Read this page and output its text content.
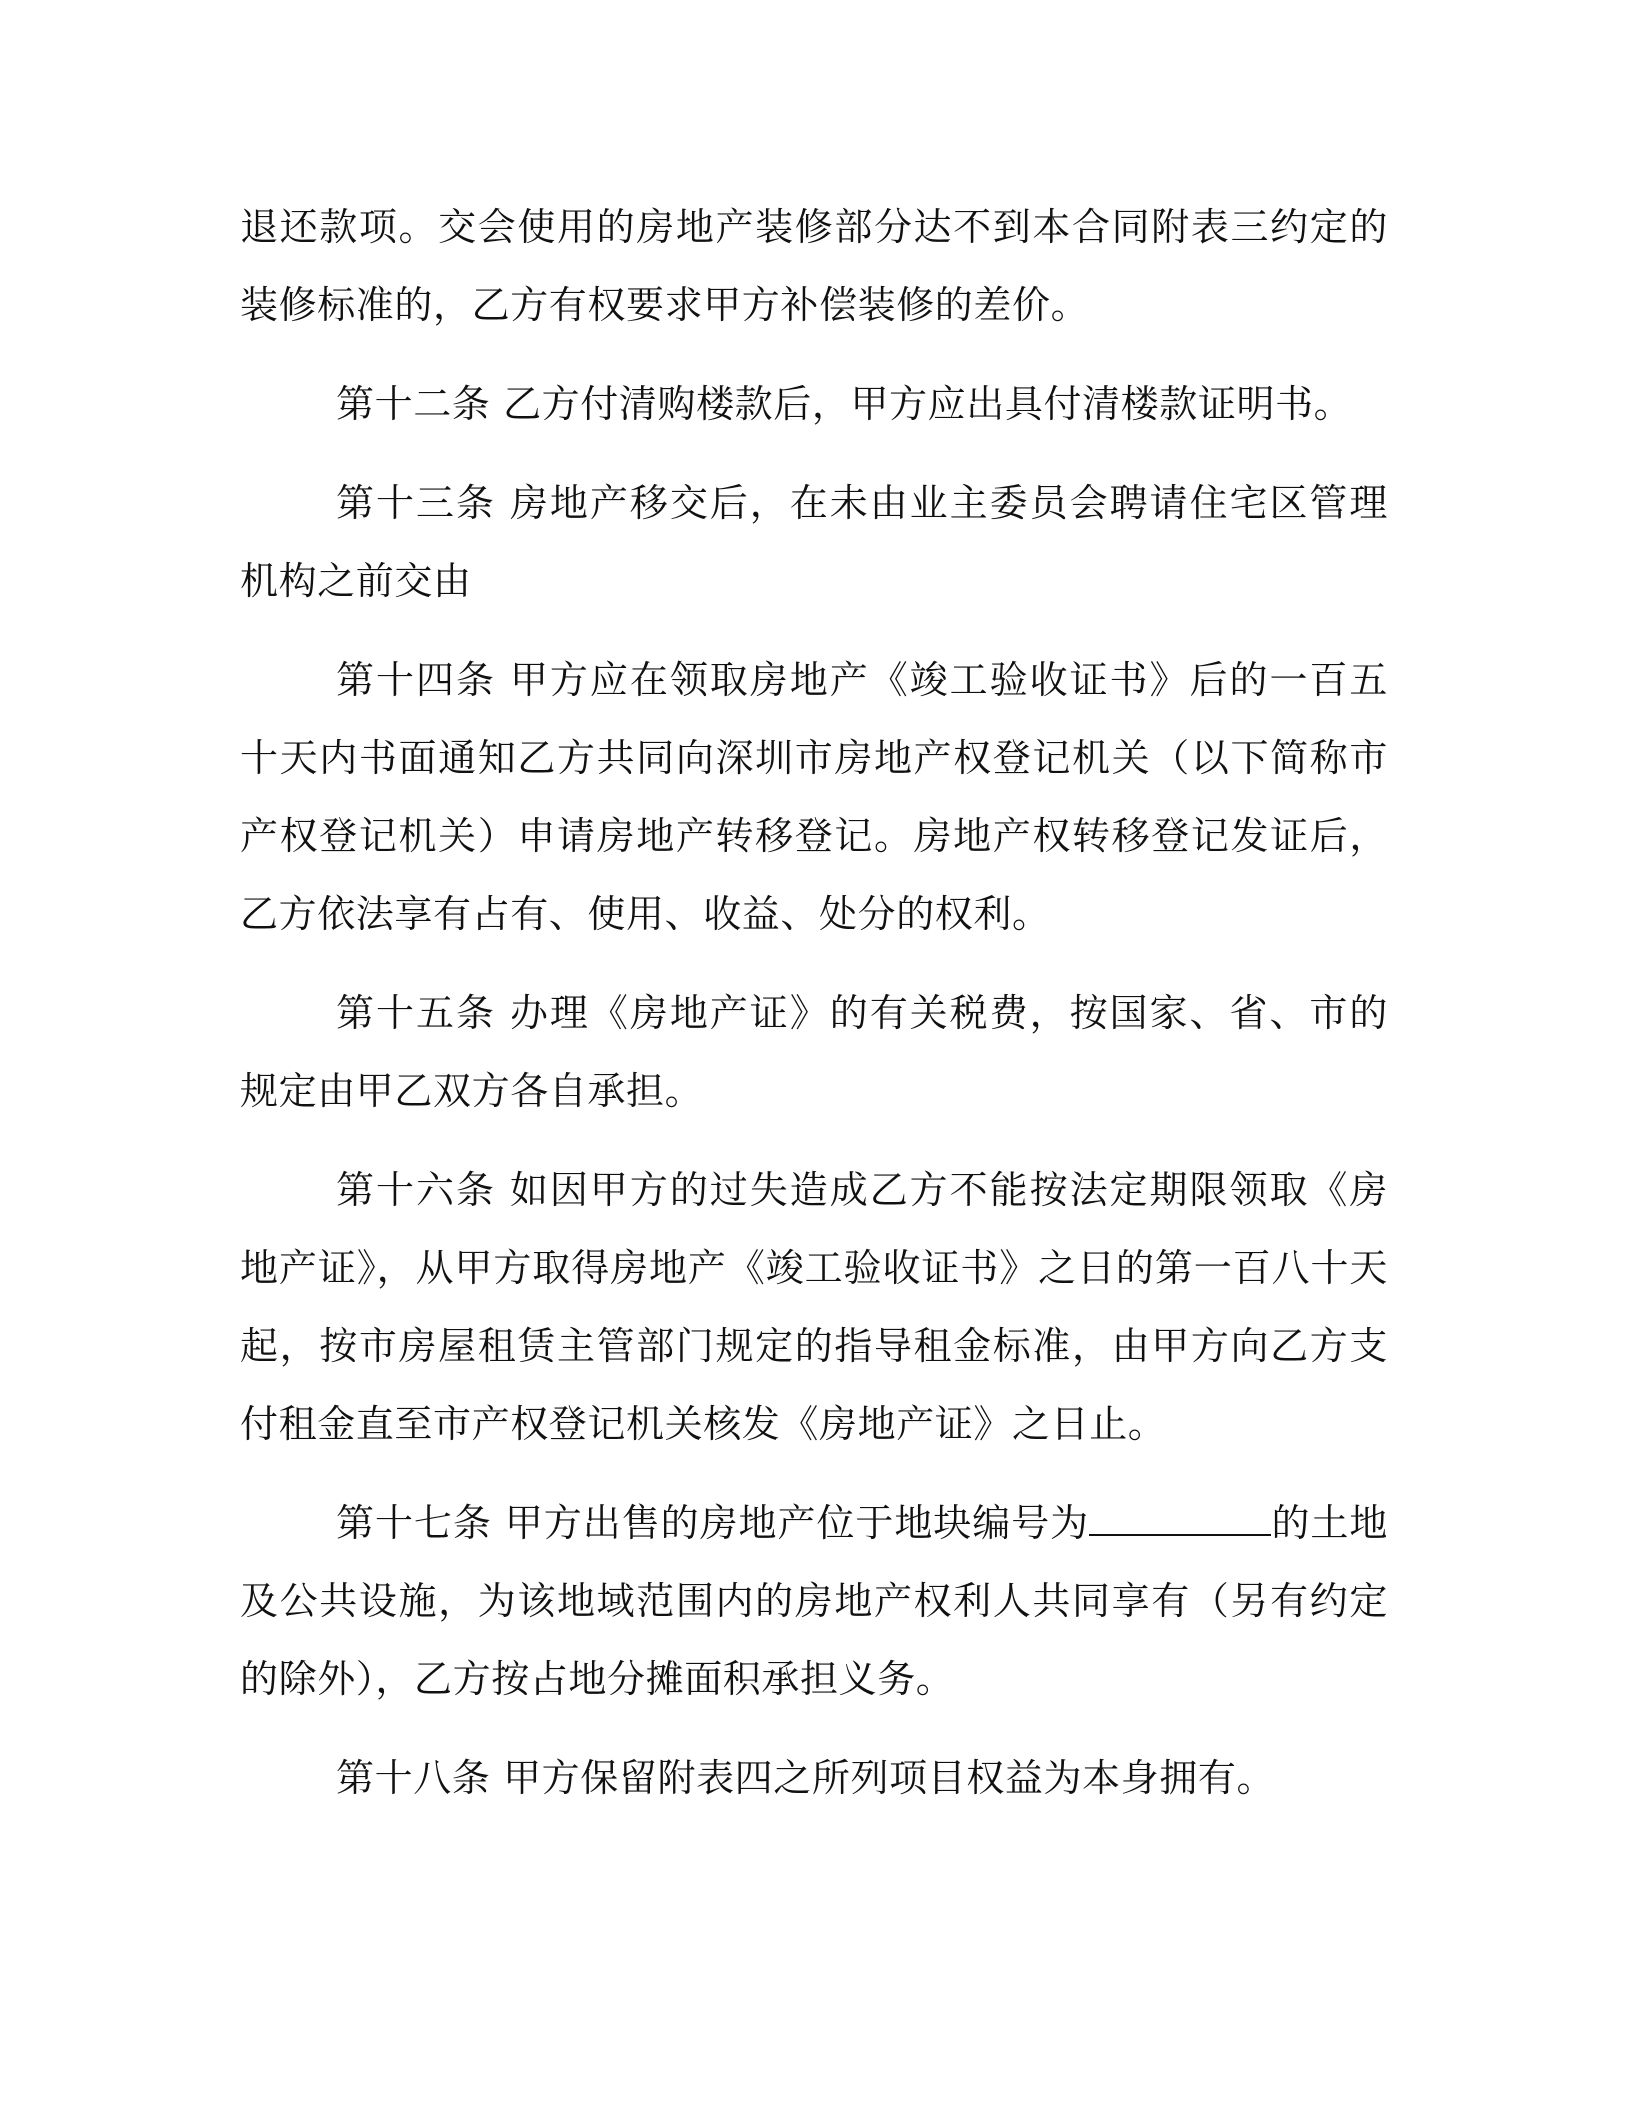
退还款项。交会使用的房地产装修部分达不到本合同附表三约定的装修标准的，乙方有权要求甲方补偿装修的差价。

第十二条 乙方付清购楼款后，甲方应出具付清楼款证明书。

第十三条 房地产移交后，在未由业主委员会聘请住宅区管理机构之前交由

第十四条 甲方应在领取房地产《竣工验收证书》后的一百五十天内书面通知乙方共同向深圳市房地产权登记机关（以下简称市产权登记机关）申请房地产转移登记。房地产权转移登记发证后，乙方依法享有占有、使用、收益、处分的权利。

第十五条 办理《房地产证》的有关税费，按国家、省、市的规定由甲乙双方各自承担。

第十六条 如因甲方的过失造成乙方不能按法定期限领取《房地产证》，从甲方取得房地产《竣工验收证书》之日的第一百八十天起，按市房屋租赁主管部门规定的指导租金标准，由甲方向乙方支付租金直至市产权登记机关核发《房地产证》之日止。

第十七条 甲方出售的房地产位于地块编号为	的土地及公共设施，为该地域范围内的房地产权利人共同享有（另有约定的除外），乙方按占地分摊面积承担义务。

第十八条 甲方保留附表四之所列项目权益为本身拥有。
